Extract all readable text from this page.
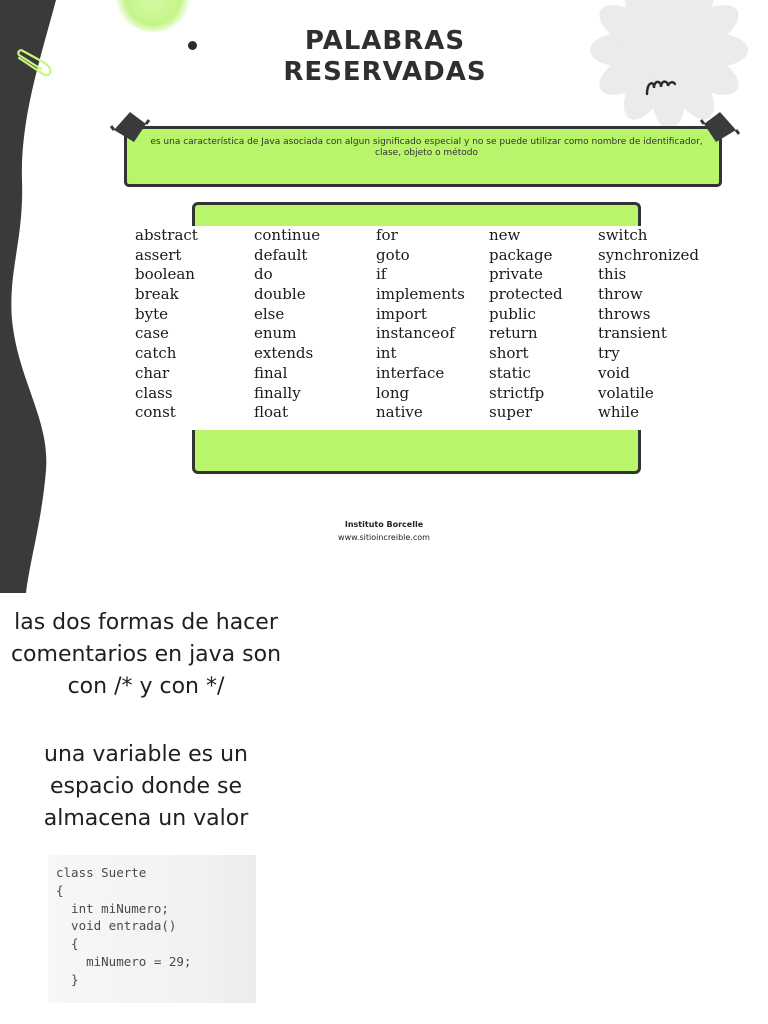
PALABRAS
RESERVADAS

es una característica de Java asociada con algun significado especial y no se puede utilizar como nombre de identificador, clase, objeto o método

abstract
assert
boolean
break
byte
case
catch
char
class
const
continue
default
do
double
else
enum
extends
final
finally
float
for
goto
if
implements
import
instanceof
int
interface
long
native
new
package
private
protected
public
return
short
static
strictfp
super
switch
synchronized
this
throw
throws
transient
try
void
volatile
while

Instituto Borcelle

www.sitioincreible.com

las dos formas de hacer comentarios en java son con /* y con */

una variable es un espacio donde se almacena un valor

class Suerte
{
int miNumero;
void entrada()
{
miNumero = 29;
}
